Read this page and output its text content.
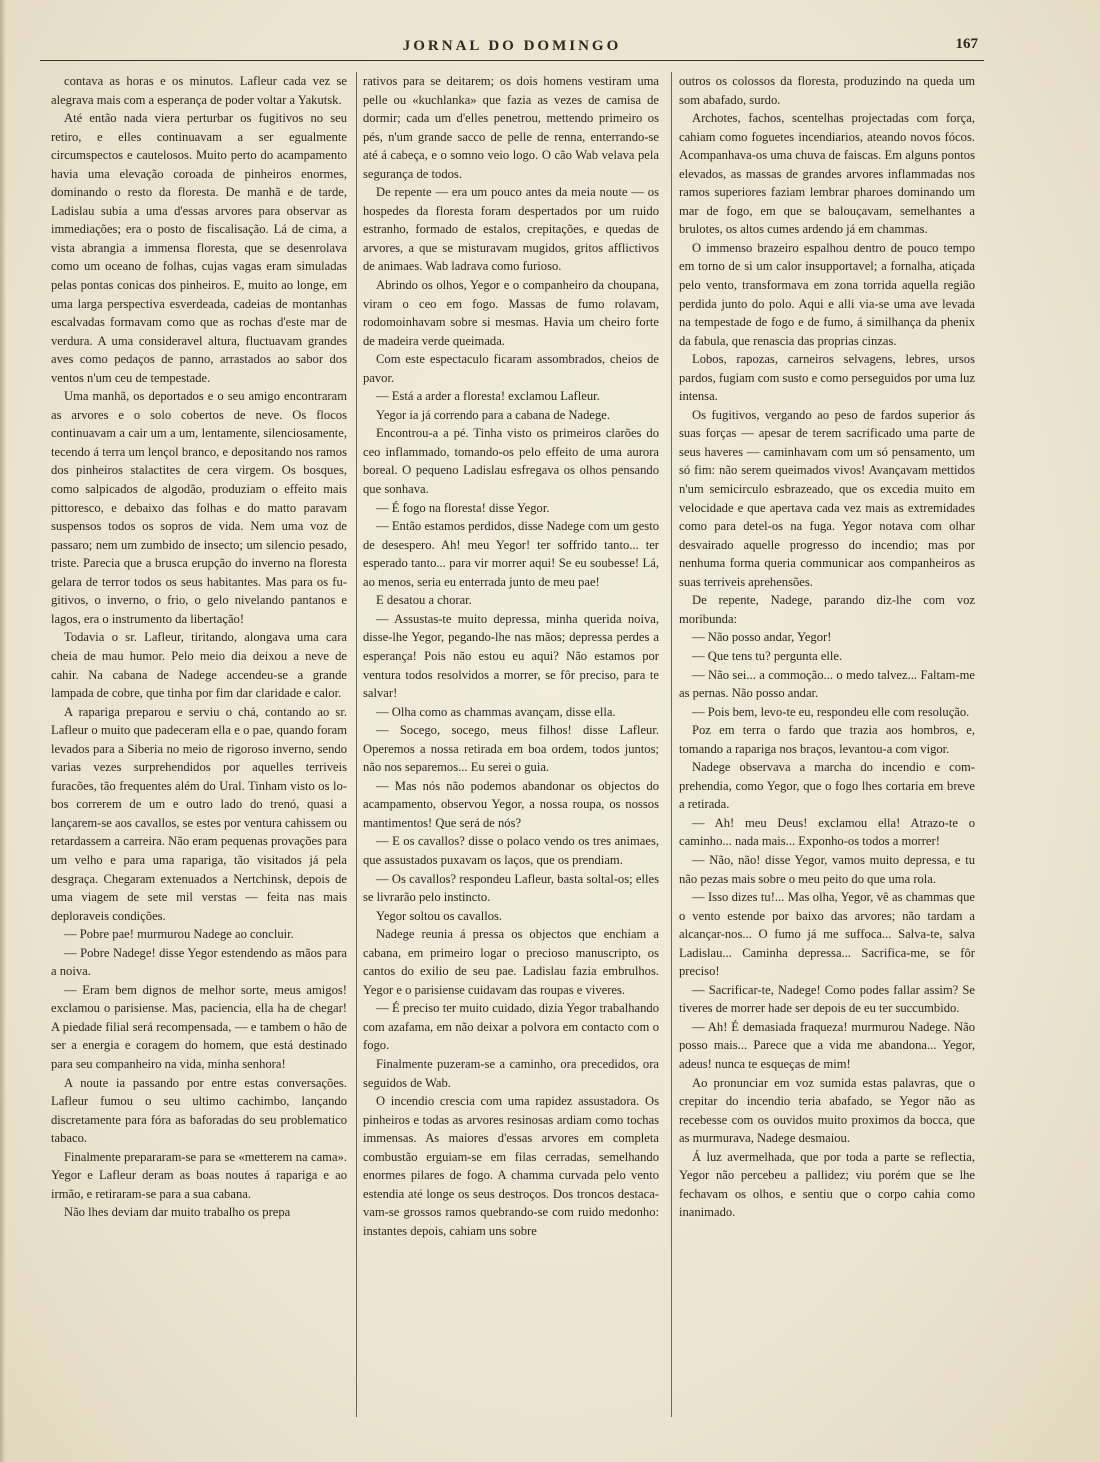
JORNAL DO DOMINGO	167

contava as horas e os minutos. Lafleur cada vez se alegrava mais com a esperança de poder voltar a Yakutsk.

Até então nada viera perturbar os fugitivos no seu retiro, e elles continuavam a ser egualmente circumspectos e cautelosos. Muito perto do acampamento havia uma elevação coroada de pinheiros enormes, dominando o resto da floresta. De manhã e de tarde, Ladislau subia a uma d'essas arvores para observar as immediações; era o posto de fiscalisação. Lá de cima, a vista abrangia a immensa floresta, que se desenrolava como um oceano de folhas, cujas vagas eram simuladas pelas pontas conicas dos pinheiros. E, muito ao longe, em uma larga perspectiva esverdeada, cadeias de montanhas escalvadas formavam como que as rochas d'este mar de verdura. A uma consideravel altura, fluctuavam grandes aves como pedaços de panno, arrastados ao sabor dos ventos n'um ceu de tempestade.

Uma manhã, os deportados e o seu amigo encontraram as arvores e o solo cobertos de neve. Os flocos continuavam a cair um a um, lentamente, silenciosamente, tecendo á terra um lençol branco, e depositando nos ramos dos pinheiros stalactites de cera virgem. Os bosques, como salpicados de algodão, produziam o effeito mais pittoresco, e debaixo das folhas e do matto paravam suspensos todos os sopros de vida. Nem uma voz de passaro; nem um zumbido de insecto; um silencio pesado, triste. Parecia que a brusca erupção do inverno na floresta gelara de terror todos os seus habitantes. Mas para os fugitivos, o inverno, o frio, o gelo nivelando pantanos e lagos, era o instrumento da libertação!

Todavia o sr. Lafleur, tiritando, alongava uma cara cheia de mau humor. Pelo meio dia deixou a neve de cahir. Na cabana de Nadege accendeu-se a grande lampada de cobre, que tinha por fim dar claridade e calor.

A rapariga preparou e serviu o chá, contando ao sr. Lafleur o muito que padeceram ella e o pae, quando foram levados para a Siberia no meio de rigoroso inverno, sendo varias vezes surprehendidos por aquelles terriveis furacões, tão frequentes além do Ural. Tinham visto os lobos correrem de um e outro lado do trenó, quasi a lançarem-se aos cavallos, se estes por ventura cahissem ou retardassem a carreira. Não eram pequenas provações para um velho e para uma rapariga, tão visitados já pela desgraça. Chegaram extenuados a Nertchinsk, depois de uma viagem de sete mil verstas — feita nas mais deploraveis condições.

— Pobre pae! murmurou Nadege ao concluir.

— Pobre Nadege! disse Yegor estendendo as mãos para a noiva.

— Eram bem dignos de melhor sorte, meus amigos! exclamou o parisiense. Mas, paciencia, ella ha de chegar! A piedade filial será recompensada, — e tambem o hão de ser a energia e coragem do homem, que está destinado para seu companheiro na vida, minha senhora!

A noute ia passando por entre estas conversações. Lafleur fumou o seu ultimo cachimbo, lançando discretamente para fóra as baforadas do seu problematico tabaco.

Finalmente prepararam-se para se «metterem na cama». Yegor e Lafleur deram as boas noutes á rapariga e ao irmão, e retiraram-se para a sua cabana.

Não lhes deviam dar muito trabalho os prepa

rativos para se deitarem; os dois homens vestiram uma pelle ou «kuchlanka» que fazia as vezes de camisa de dormir; cada um d'elles penetrou, mettendo primeiro os pés, n'um grande sacco de pelle de renna, enterrando-se até á cabeça, e o somno veio logo. O cão Wab velava pela segurança de todos.

De repente — era um pouco antes da meia noute — os hospedes da floresta foram despertados por um ruido estranho, formado de estalos, crepitações, e quedas de arvores, a que se misturavam mugidos, gritos afflictivos de animaes. Wab ladrava como furioso.

Abrindo os olhos, Yegor e o companheiro da choupana, viram o ceo em fogo. Massas de fumo rolavam, rodomoinhavam sobre si mesmas. Havia um cheiro forte de madeira verde queimada.

Com este espectaculo ficaram assombrados, cheios de pavor.

— Está a arder a floresta! exclamou Lafleur.

Yegor ia já correndo para a cabana de Nadege.

Encontrou-a a pé. Tinha visto os primeiros clarões do ceo inflammado, tomando-os pelo effeito de uma aurora boreal. O pequeno Ladislau esfregava os olhos pensando que sonhava.

— É fogo na floresta! disse Yegor.

— Então estamos perdidos, disse Nadege com um gesto de desespero. Ah! meu Yegor! ter soffrido tanto... ter esperado tanto... para vir morrer aqui! Se eu soubesse! Lá, ao menos, seria eu enterrada junto de meu pae!

E desatou a chorar.

— Assustas-te muito depressa, minha querida noiva, disse-lhe Yegor, pegando-lhe nas mãos; depressa perdes a esperança! Pois não estou eu aqui? Não estamos por ventura todos resolvidos a morrer, se fôr preciso, para te salvar!

— Olha como as chammas avançam, disse ella.

— Socego, socego, meus filhos! disse Lafleur. Operemos a nossa retirada em boa ordem, todos juntos; não nos separemos... Eu serei o guia.

— Mas nós não podemos abandonar os objectos do acampamento, observou Yegor, a nossa roupa, os nossos mantimentos! Que será de nós?

— E os cavallos? disse o polaco vendo os tres animaes, que assustados puxavam os laços, que os prendiam.

— Os cavallos? respondeu Lafleur, basta soltal-os; elles se livrarão pelo instincto.

Yegor soltou os cavallos.

Nadege reunia á pressa os objectos que enchiam a cabana, em primeiro logar o precioso manuscripto, os cantos do exilio de seu pae. Ladislau fazia embrulhos. Yegor e o parisiense cuidavam das roupas e viveres.

— É preciso ter muito cuidado, dizia Yegor trabalhando com azafama, em não deixar a polvora em contacto com o fogo.

Finalmente puzeram-se a caminho, ora precedidos, ora seguidos de Wab.

O incendio crescia com uma rapidez assustadora. Os pinheiros e todas as arvores resinosas ardiam como tochas immensas. As maiores d'essas arvores em completa combustão erguiam-se em filas cerradas, semelhando enormes pilares de fogo. A chamma curvada pelo vento estendia até longe os seus destroços. Dos troncos destacavam-se grossos ramos quebrando-se com ruido medonho: instantes depois, cahiam uns sobre

outros os colossos da floresta, produzindo na queda um som abafado, surdo.

Archotes, fachos, scentelhas projectadas com força, cahiam como foguetes incendiarios, ateando novos fócos. Acompanhava-os uma chuva de faiscas. Em alguns pontos elevados, as massas de grandes arvores inflammadas nos ramos superiores faziam lembrar pharoes dominando um mar de fogo, em que se balouçavam, semelhantes a brulotes, os altos cumes ardendo já em chammas.

O immenso brazeiro espalhou dentro de pouco tempo em torno de si um calor insupportavel; a fornalha, atiçada pelo vento, transformava em zona torrida aquella região perdida junto do polo. Aqui e alli via-se uma ave levada na tempestade de fogo e de fumo, á similhança da phenix da fabula, que renascia das proprias cinzas.

Lobos, rapozas, carneiros selvagens, lebres, ursos pardos, fugiam com susto e como perseguidos por uma luz intensa.

Os fugitivos, vergando ao peso de fardos superior ás suas forças — apesar de terem sacrificado uma parte de seus haveres — caminhavam com um só pensamento, um só fim: não serem queimados vivos! Avançavam mettidos n'um semicirculo esbrazeado, que os excedia muito em velocidade e que apertava cada vez mais as extremidades como para detel-os na fuga. Yegor notava com olhar desvairado aquelle progresso do incendio; mas por nenhuma forma queria communicar aos companheiros as suas terriveis aprehensões.

De repente, Nadege, parando diz-lhe com voz moribunda:

— Não posso andar, Yegor!

— Que tens tu? pergunta elle.

— Não sei... a commoção... o medo talvez... Faltam-me as pernas. Não posso andar.

— Pois bem, levo-te eu, respondeu elle com resolução.

Poz em terra o fardo que trazia aos hombros, e, tomando a rapariga nos braços, levantou-a com vigor.

Nadege observava a marcha do incendio e comprehendia, como Yegor, que o fogo lhes cortaria em breve a retirada.

— Ah! meu Deus! exclamou ella! Atrazo-te o caminho... nada mais... Exponho-os todos a morrer!

— Não, não! disse Yegor, vamos muito depressa, e tu não pezas mais sobre o meu peito do que uma rola.

— Isso dizes tu!... Mas olha, Yegor, vê as chammas que o vento estende por baixo das arvores; não tardam a alcançar-nos... O fumo já me suffoca... Salva-te, salva Ladislau... Caminha depressa... Sacrifica-me, se fôr preciso!

— Sacrificar-te, Nadege! Como podes fallar assim? Se tiveres de morrer hade ser depois de eu ter succumbido.

— Ah! É demasiada fraqueza! murmurou Nadege. Não posso mais... Parece que a vida me abandona... Yegor, adeus! nunca te esqueças de mim!

Ao pronunciar em voz sumida estas palavras, que o crepitar do incendio teria abafado, se Yegor não as recebesse com os ouvidos muito proximos da bocca, que as murmurava, Nadege desmaiou.

Á luz avermelhada, que por toda a parte se reflectia, Yegor não percebeu a pallidez; viu porém que se lhe fechavam os olhos, e sentiu que o corpo cahia como inanimado.
